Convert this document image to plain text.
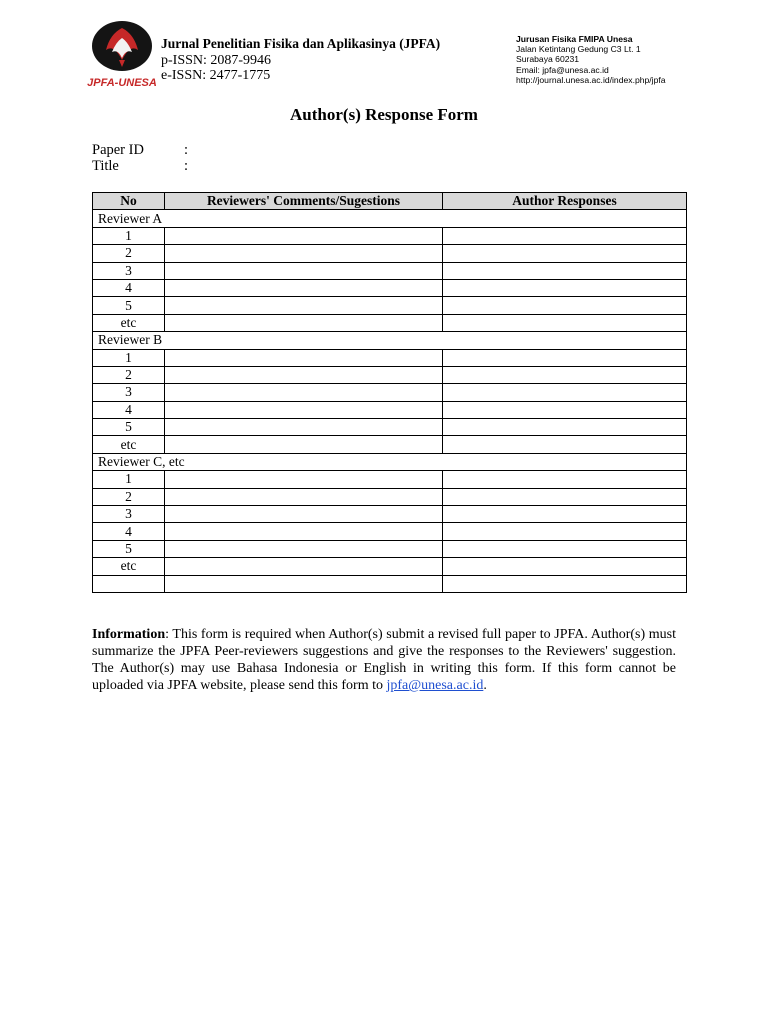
JPFA-UNESA
Jurnal Penelitian Fisika dan Aplikasinya (JPFA)
p-ISSN: 2087-9946
e-ISSN: 2477-1775
Jurusan Fisika FMIPA Unesa
Jalan Ketintang Gedung C3 Lt. 1
Surabaya 60231
Email: jpfa@unesa.ac.id
http://journal.unesa.ac.id/index.php/jpfa
Author(s) Response Form
Paper ID	:
Title	:
No	Reviewers' Comments/Sugestions	Author Responses
Reviewer A		
1		
2		
3		
4		
5		
etc		
Reviewer B		
1		
2		
3		
4		
5		
etc		
Reviewer C, etc		
1		
2		
3		
4		
5		
etc		

Information: This form is required when Author(s) submit a revised full paper to JPFA. Author(s) must summarize the JPFA Peer-reviewers suggestions and give the responses to the Reviewers' suggestion. The Author(s) may use Bahasa Indonesia or English in writing this form. If this form cannot be uploaded via JPFA website, please send this form to jpfa@unesa.ac.id.
